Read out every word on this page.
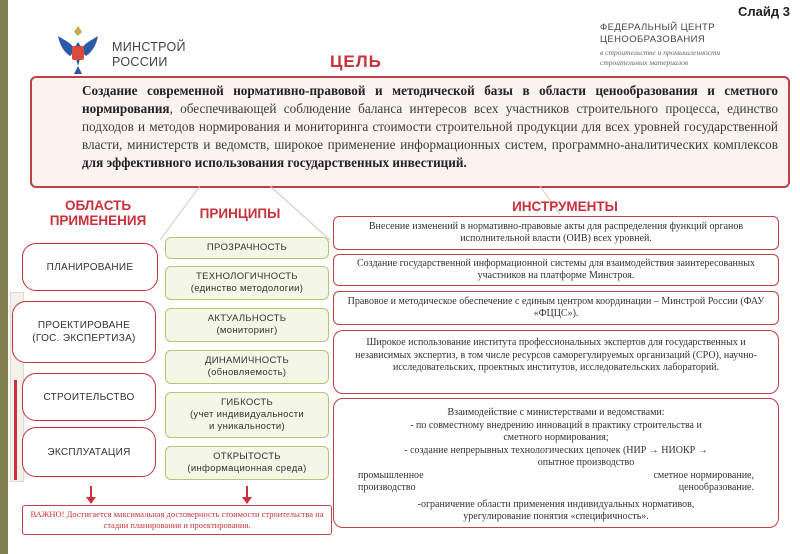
Слайд 3
МИНСТРОЙ
РОССИИ
ФЕДЕРАЛЬНЫЙ ЦЕНТР
ЦЕНООБРАЗОВАНИЯ
в строительстве и промышленности
строительных материалов
ЦЕЛЬ
Создание современной нормативно-правовой и методической базы в области ценообразования и сметного нормирования, обеспечивающей соблюдение баланса интересов всех участников строительного процесса, единство подходов и методов нормирования и мониторинга стоимости строительной продукции для всех уровней государственной власти, министерств и ведомств, широкое применение информационных систем, программно-аналитических комплексов для эффективного использования государственных инвестиций.
ОБЛАСТЬ
ПРИМЕНЕНИЯ
ПЛАНИРОВАНИЕ
ПРОЕКТИРОВАНЕ
(ГОС. ЭКСПЕРТИЗА)
СТРОИТЕЛЬСТВО
ЭКСПЛУАТАЦИЯ
ПРИНЦИПЫ
ПРОЗРАЧНОСТЬ
ТЕХНОЛОГИЧНОСТЬ
(единство методологии)
АКТУАЛЬНОСТЬ
(мониторинг)
ДИНАМИЧНОСТЬ
(обновляемость)
ГИБКОСТЬ
(учет индивидуальности
и уникальности)
ОТКРЫТОСТЬ
(информационная среда)
ВАЖНО! Достигается максимальная достоверность стоимости строительства на стадии планирования и проектирования.
ИНСТРУМЕНТЫ
Внесение изменений в нормативно-правовые акты для распределения функций органов исполнительной власти (ОИВ) всех уровней.
Создание государственной информационной системы для взаимодействия заинтересованных участников на платформе Минстроя.
Правовое и методическое обеспечение с единым центром координации – Минстрой России (ФАУ «ФЦЦС»).
Широкое использование института профессиональных экспертов для государственных и независимых экспертиз, в том числе ресурсов саморегулируемых организаций (СРО), научно-исследовательских, проектных институтов, исследовательских лабораторий.
Взаимодействие с министерствами и ведомствами:
- по совместному внедрению инноваций в практику строительства и
сметного нормирования;
- создание непрерывных технологических цепочек (НИР → НИОКР →
опытное производство
промышленное	сметное нормирование,
производство	ценообразование.
-ограничение области применения индивидуальных нормативов,
урегулирование понятия «специфичность».
